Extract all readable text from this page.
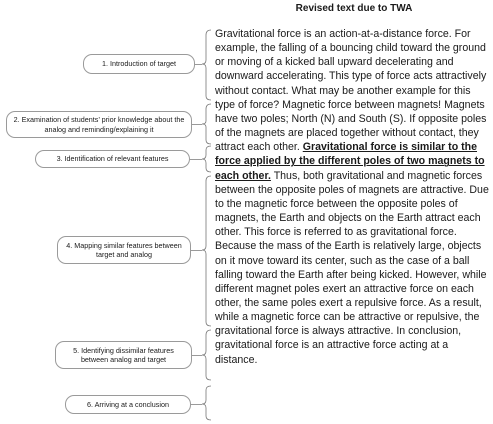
Revised text due to TWA
1. Introduction of target
2. Examination of students’ prior knowledge about the analog and reminding/explaining it
3. Identification of relevant features
4. Mapping similar features between target and analog
5. Identifying dissimilar features between analog and target
6. Arriving at a conclusion
Gravitational force is an action-at-a-distance force. For example, the falling of a bouncing child toward the ground or moving of a kicked ball upward decelerating and downward accelerating. This type of force acts attractively without contact. What may be another example for this type of force? Magnetic force between magnets! Magnets have two poles; North (N) and South (S). If opposite poles of the magnets are placed together without contact, they attract each other. Gravitational force is similar to the force applied by the different poles of two magnets to each other. Thus, both gravitational and magnetic forces between the opposite poles of magnets are attractive. Due to the magnetic force between the opposite poles of magnets, the Earth and objects on the Earth attract each other. This force is referred to as gravitational force. Because the mass of the Earth is relatively large, objects on it move toward its center, such as the case of a ball falling toward the Earth after being kicked. However, while different magnet poles exert an attractive force on each other, the same poles exert a repulsive force. As a result, while a magnetic force can be attractive or repulsive, the gravitational force is always attractive. In conclusion, gravitational force is an attractive force acting at a distance.
